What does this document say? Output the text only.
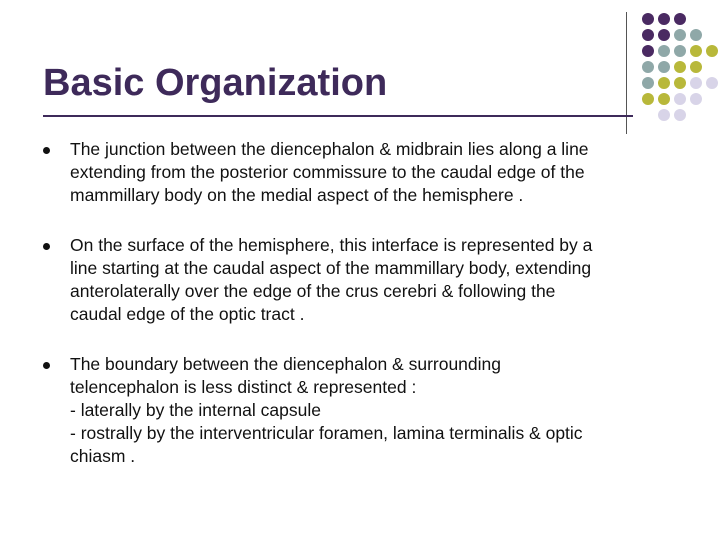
Basic Organization
The junction between the diencephalon & midbrain lies along a line
extending from the posterior commissure to the caudal edge of the
mammillary body on the medial aspect of the hemisphere .
On the surface of the hemisphere, this interface is represented by a
line starting at the caudal aspect of the mammillary body, extending
anterolaterally over the edge of the crus cerebri & following the
caudal edge of the optic tract .
The boundary between the diencephalon & surrounding
telencephalon is less distinct & represented :
- laterally by the internal capsule
- rostrally by the interventricular foramen, lamina terminalis & optic
chiasm .
